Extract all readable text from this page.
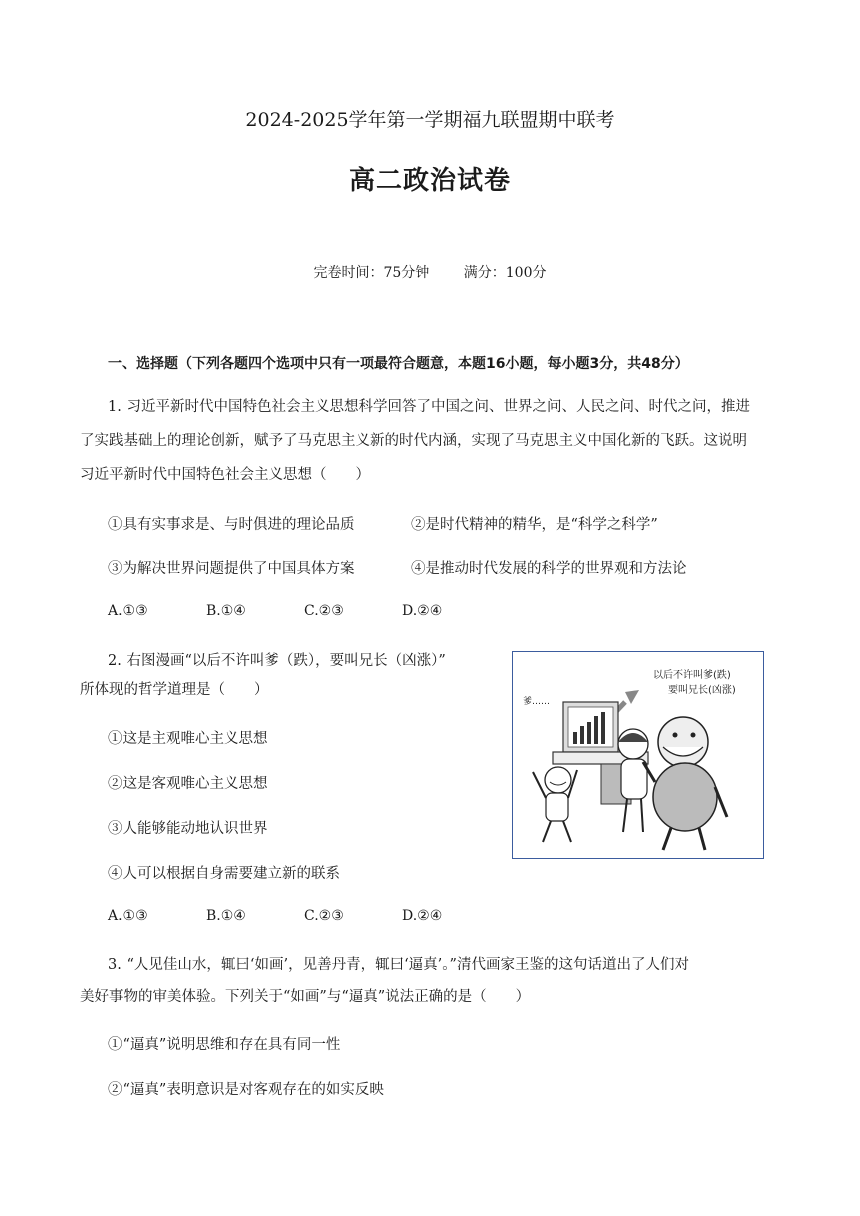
2024-2025学年第一学期福九联盟期中联考
高二政治试卷
完卷时间：75分钟 满分：100分
一、选择题（下列各题四个选项中只有一项最符合题意，本题16小题，每小题3分，共48分）
1. 习近平新时代中国特色社会主义思想科学回答了中国之问、世界之问、人民之问、时代之问，推进
了实践基础上的理论创新，赋予了马克思主义新的时代内涵，实现了马克思主义中国化新的飞跃。这说明
习近平新时代中国特色社会主义思想（　　）
①具有实事求是、与时俱进的理论品质	②是时代精神的精华，是“科学之科学”
③为解决世界问题提供了中国具体方案	④是推动时代发展的科学的世界观和方法论
A.①③	B.①④	C.②③	D.②④
2. 右图漫画“以后不许叫爹（跌），要叫兄长（凶涨）”
所体现的哲学道理是（　　）
①这是主观唯心主义思想
②这是客观唯心主义思想
③人能够能动地认识世界
④人可以根据自身需要建立新的联系
A.①③	B.①④	C.②③	D.②④
以后不许叫爹(跌)
要叫兄长(凶涨)
爹……
3. “人见佳山水，辄曰‘如画’，见善丹青，辄曰‘逼真’。”清代画家王鉴的这句话道出了人们对
美好事物的审美体验。下列关于“如画”与“逼真”说法正确的是（　　）
①“逼真”说明思维和存在具有同一性
②“逼真”表明意识是对客观存在的如实反映
